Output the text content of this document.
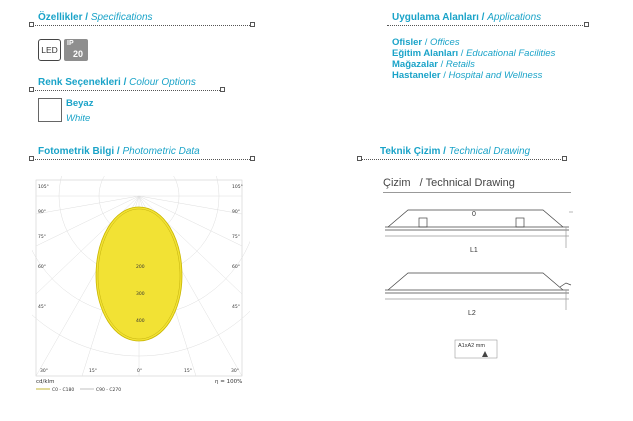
Özellikler / Specifications
LED
IP
20
Renk Seçenekleri / Colour Options
Beyaz
White
Uygulama Alanları / Applications
Ofisler / Offices
Eğitim Alanları / Educational Facilities
Mağazalar / Retails
Hastaneler / Hospital and Wellness
Fotometrik Bilgi / Photometric Data
105°
90°
75°
60°
45°
105°
90°
75°
60°
45°
200
300
400
30°	15°	0°	15°	30°
cd/klm	η = 100%
C0 - C180	C90 - C270
Teknik Çizim / Technical Drawing
Çizim / Technical Drawing
0
L1
L2
A1xA2 mm
